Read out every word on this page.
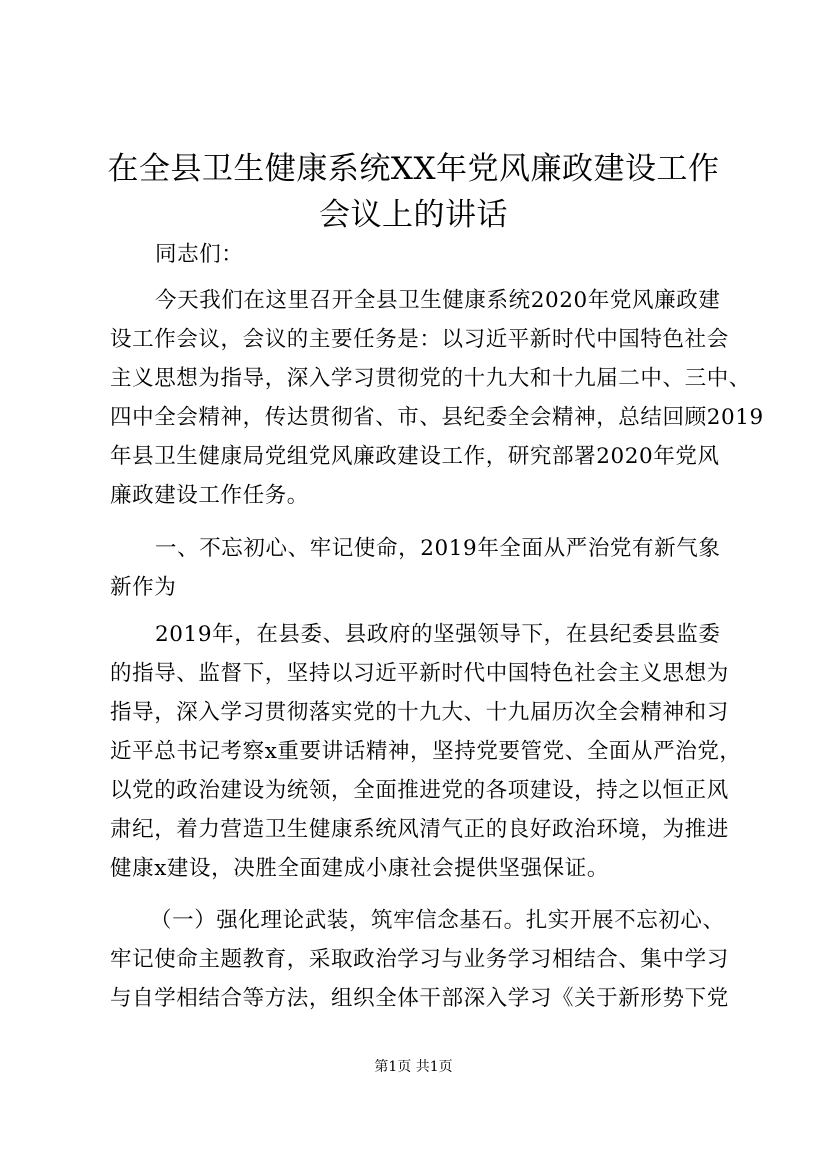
在全县卫生健康系统XX年党风廉政建设工作
会议上的讲话
同志们：
今天我们在这里召开全县卫生健康系统2020年党风廉政建
设工作会议，会议的主要任务是：以习近平新时代中国特色社会
主义思想为指导，深入学习贯彻党的十九大和十九届二中、三中、
四中全会精神，传达贯彻省、市、县纪委全会精神，总结回顾2019
年县卫生健康局党组党风廉政建设工作，研究部署2020年党风
廉政建设工作任务。
一、不忘初心、牢记使命，2019年全面从严治党有新气象
新作为
2019年，在县委、县政府的坚强领导下，在县纪委县监委
的指导、监督下，坚持以习近平新时代中国特色社会主义思想为
指导，深入学习贯彻落实党的十九大、十九届历次全会精神和习
近平总书记考察x重要讲话精神，坚持党要管党、全面从严治党，
以党的政治建设为统领，全面推进党的各项建设，持之以恒正风
肃纪，着力营造卫生健康系统风清气正的良好政治环境，为推进
健康x建设，决胜全面建成小康社会提供坚强保证。
（一）强化理论武装，筑牢信念基石。扎实开展不忘初心、
牢记使命主题教育，采取政治学习与业务学习相结合、集中学习
与自学相结合等方法，组织全体干部深入学习《关于新形势下党
第1页 共1页
